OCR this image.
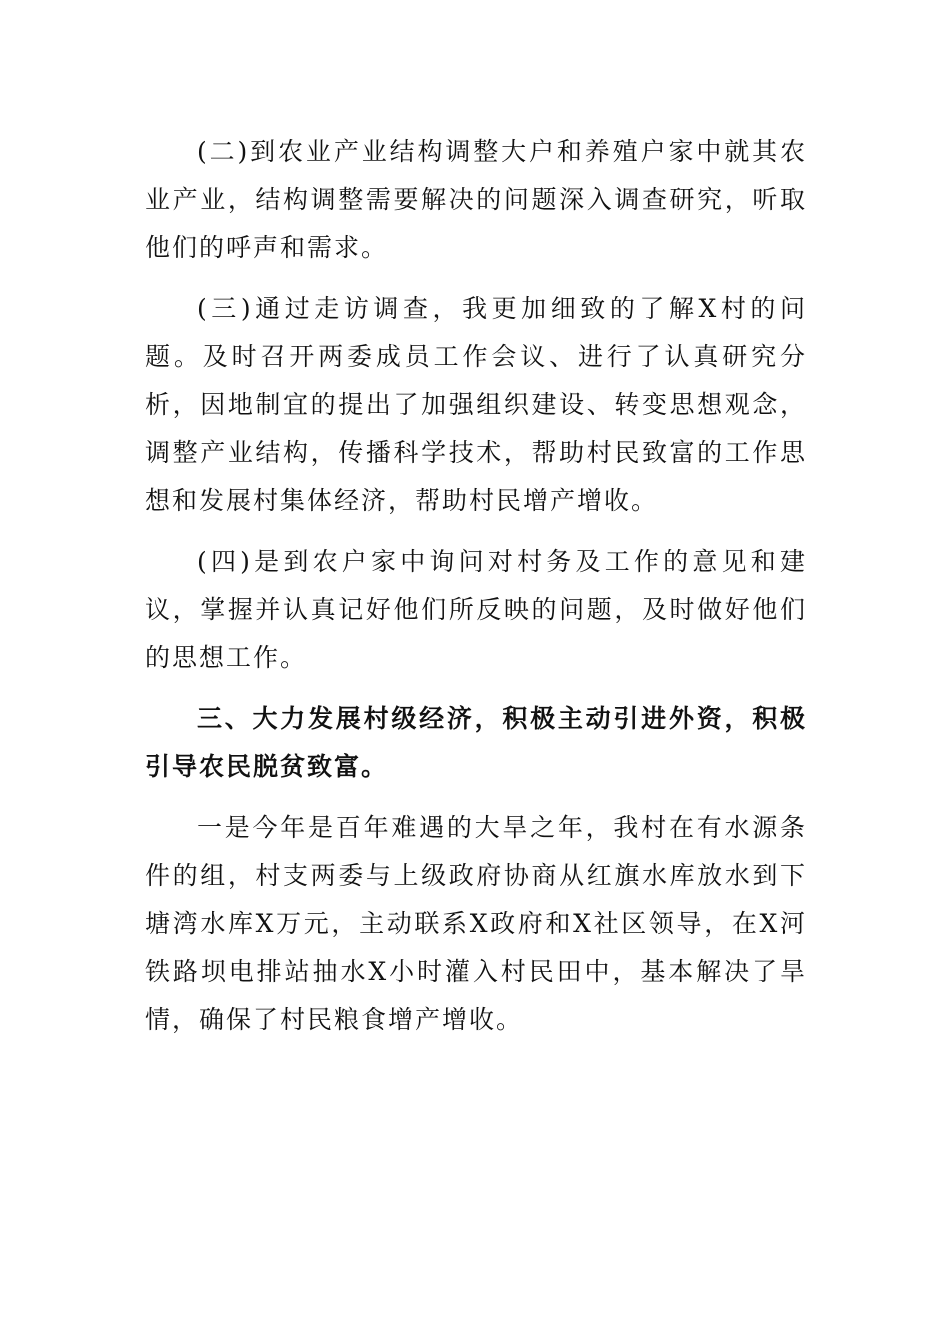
(二)到农业产业结构调整大户和养殖户家中就其农业产业，结构调整需要解决的问题深入调查研究，听取他们的呼声和需求。

(三)通过走访调查，我更加细致的了解X村的问题。及时召开两委成员工作会议、进行了认真研究分析，因地制宜的提出了加强组织建设、转变思想观念，调整产业结构，传播科学技术，帮助村民致富的工作思想和发展村集体经济，帮助村民增产增收。

(四)是到农户家中询问对村务及工作的意见和建议，掌握并认真记好他们所反映的问题，及时做好他们的思想工作。

三、大力发展村级经济，积极主动引进外资，积极引导农民脱贫致富。

一是今年是百年难遇的大旱之年，我村在有水源条件的组，村支两委与上级政府协商从红旗水库放水到下塘湾水库X万元，主动联系X政府和X社区领导，在X河铁路坝电排站抽水X小时灌入村民田中，基本解决了旱情，确保了村民粮食增产增收。
